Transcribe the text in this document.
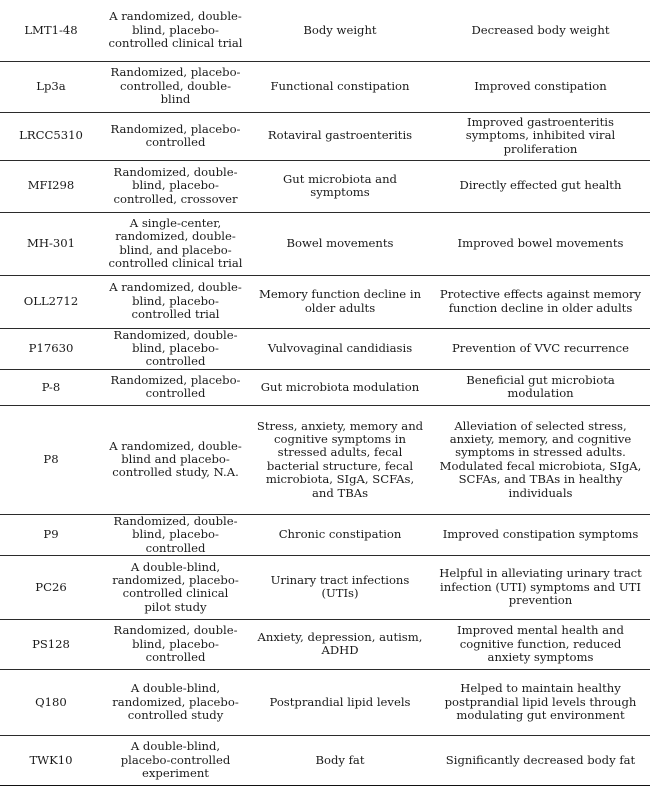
LMT1-48	A randomized, double-blind, placebo-controlled clinical trial	Body weight	Decreased body weight

Lp3a	Randomized, placebo-controlled, double-blind	Functional constipation	Improved constipation

LRCC5310	Randomized, placebo-controlled	Rotaviral gastroenteritis	Improved gastroenteritis symptoms, inhibited viral proliferation

MFI298	Randomized, double-blind, placebo-controlled, crossover	Gut microbiota and symptoms	Directly effected gut health

MH-301	A single-center, randomized, double-blind, and placebo-controlled clinical trial	Bowel movements	Improved bowel movements

OLL2712	A randomized, double-blind, placebo-controlled trial	Memory function decline in older adults	Protective effects against memory function decline in older adults

P17630	Randomized, double-blind, placebo-controlled	Vulvovaginal candidiasis	Prevention of VVC recurrence

P-8	Randomized, placebo-controlled	Gut microbiota modulation	Beneficial gut microbiota modulation

P8	A randomized, double-blind and placebo-controlled study, N.A.	Stress, anxiety, memory and cognitive symptoms in stressed adults, fecal bacterial structure, fecal microbiota, SIgA, SCFAs, and TBAs	Alleviation of selected stress, anxiety, memory, and cognitive symptoms in stressed adults. Modulated fecal microbiota, SIgA, SCFAs, and TBAs in healthy individuals

P9	Randomized, double-blind, placebo-controlled	Chronic constipation	Improved constipation symptoms

PC26	A double-blind, randomized, placebo-controlled clinical pilot study	Urinary tract infections (UTIs)	Helpful in alleviating urinary tract infection (UTI) symptoms and UTI prevention

PS128	Randomized, double-blind, placebo-controlled	Anxiety, depression, autism, ADHD	Improved mental health and cognitive function, reduced anxiety symptoms

Q180	A double-blind, randomized, placebo-controlled study	Postprandial lipid levels	Helped to maintain healthy postprandial lipid levels through modulating gut environment

TWK10	A double-blind, placebo-controlled experiment	Body fat	Significantly decreased body fat
